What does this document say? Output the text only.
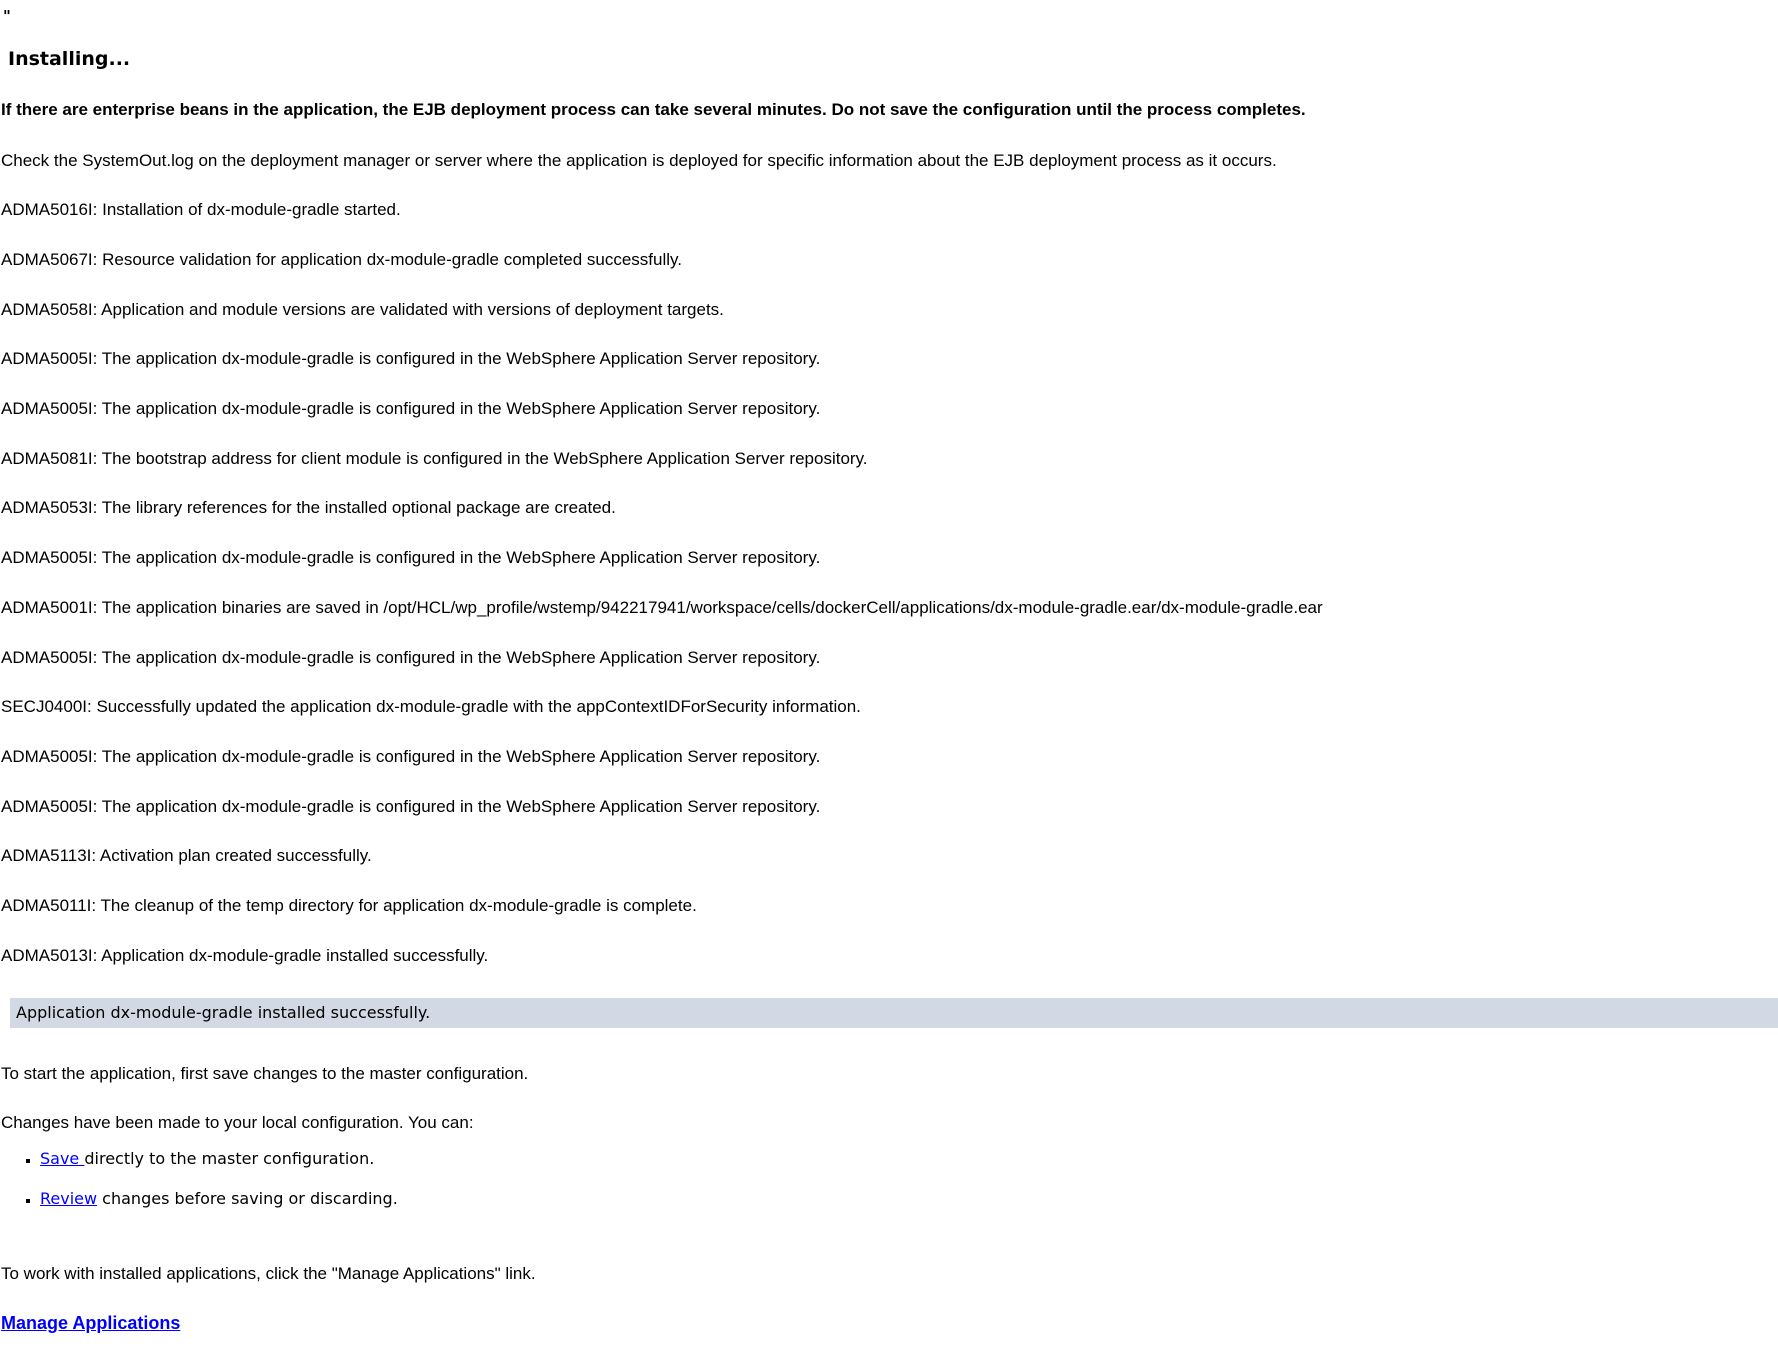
"
Installing...
If there are enterprise beans in the application, the EJB deployment process can take several minutes. Do not save the configuration until the process completes.
Check the SystemOut.log on the deployment manager or server where the application is deployed for specific information about the EJB deployment process as it occurs.
ADMA5016I: Installation of dx-module-gradle started.
ADMA5067I: Resource validation for application dx-module-gradle completed successfully.
ADMA5058I: Application and module versions are validated with versions of deployment targets.
ADMA5005I: The application dx-module-gradle is configured in the WebSphere Application Server repository.
ADMA5005I: The application dx-module-gradle is configured in the WebSphere Application Server repository.
ADMA5081I: The bootstrap address for client module is configured in the WebSphere Application Server repository.
ADMA5053I: The library references for the installed optional package are created.
ADMA5005I: The application dx-module-gradle is configured in the WebSphere Application Server repository.
ADMA5001I: The application binaries are saved in /opt/HCL/wp_profile/wstemp/942217941/workspace/cells/dockerCell/applications/dx-module-gradle.ear/dx-module-gradle.ear
ADMA5005I: The application dx-module-gradle is configured in the WebSphere Application Server repository.
SECJ0400I: Successfully updated the application dx-module-gradle with the appContextIDForSecurity information.
ADMA5005I: The application dx-module-gradle is configured in the WebSphere Application Server repository.
ADMA5005I: The application dx-module-gradle is configured in the WebSphere Application Server repository.
ADMA5113I: Activation plan created successfully.
ADMA5011I: The cleanup of the temp directory for application dx-module-gradle is complete.
ADMA5013I: Application dx-module-gradle installed successfully.
Application dx-module-gradle installed successfully.
To start the application, first save changes to the master configuration.
Changes have been made to your local configuration. You can:
▪ Save directly to the master configuration.
▪ Review changes before saving or discarding.
To work with installed applications, click the "Manage Applications" link.
Manage Applications
